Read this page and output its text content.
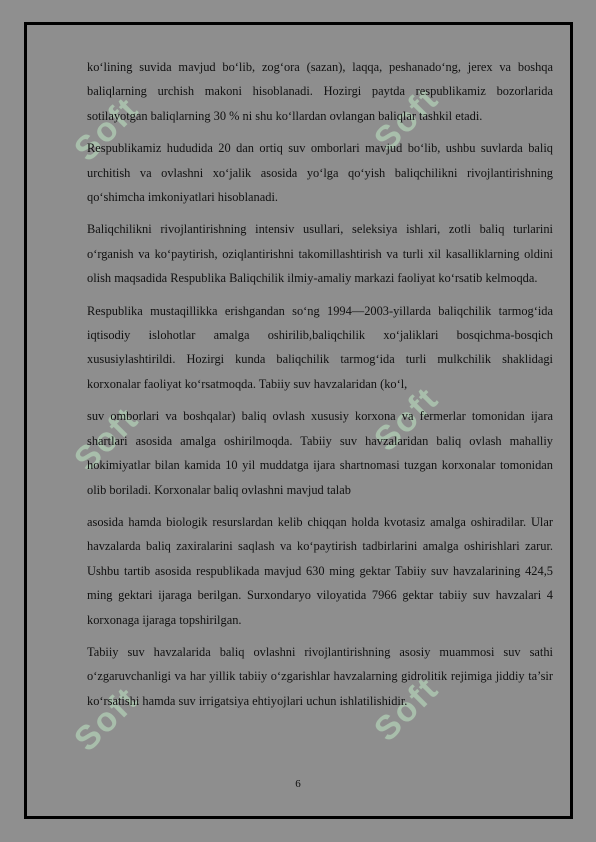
Soft	Soft
Soft	Soft
Soft	Soft

ko‘lining suvida mavjud bo‘lib, zog‘ora (sazan), laqqa, peshanado‘ng, jerex va boshqa baliqlarning urchish makoni hisoblanadi. Hozirgi paytda respublikamiz bozorlarida sotilayotgan baliqlarning 30 % ni shu ko‘llardan ovlangan baliqlar tashkil etadi.

Respublikamiz hududida 20 dan ortiq suv omborlari mavjud bo‘lib, ushbu suvlarda baliq urchitish va ovlashni xo‘jalik asosida yo‘lga qo‘yish baliqchilikni rivojlantirishning qo‘shimcha imkoniyatlari hisoblanadi.

Baliqchilikni rivojlantirishning intensiv usullari, seleksiya ishlari, zotli baliq turlarini o‘rganish va ko‘paytirish, oziqlantirishni takomillashtirish va turli xil kasalliklarning oldini olish maqsadida Respublika Baliqchilik ilmiy-amaliy markazi faoliyat ko‘rsatib kelmoqda.

Respublika mustaqillikka erishgandan so‘ng 1994—2003-yillarda baliqchilik tarmog‘ida iqtisodiy islohotlar amalga oshirilib,baliqchilik xo‘jaliklari bosqichma-bosqich xususiylashtirildi. Hozirgi kunda baliqchilik tarmog‘ida turli mulkchilik shaklidagi korxonalar faoliyat ko‘rsatmoqda. Tabiiy suv havzalaridan (ko‘l,

suv omborlari va boshqalar) baliq ovlash xususiy korxona va fermerlar tomonidan ijara shartlari asosida amalga oshirilmoqda. Tabiiy suv havzalaridan baliq ovlash mahalliy hokimiyatlar bilan kamida 10 yil muddatga ijara shartnomasi tuzgan korxonalar tomonidan olib boriladi. Korxonalar baliq ovlashni mavjud talab

asosida hamda biologik resurslardan kelib chiqqan holda kvotasiz amalga oshiradilar. Ular havzalarda baliq zaxiralarini saqlash va ko‘paytirish tadbirlarini amalga oshirishlari zarur. Ushbu tartib asosida respublikada mavjud 630 ming gektar Tabiiy suv havzalarining 424,5 ming gektari ijaraga berilgan. Surxondaryo viloyatida 7966 gektar tabiiy suv havzalari 4 korxonaga ijaraga topshirilgan.

Tabiiy suv havzalarida baliq ovlashni rivojlantirishning asosiy muammosi suv sathi o‘zgaruvchanligi va har yillik tabiiy o‘zgarishlar havzalarning gidrolitik rejimiga jiddiy ta’sir ko‘rsatishi hamda suv irrigatsiya ehtiyojlari uchun ishlatilishidir.

6
